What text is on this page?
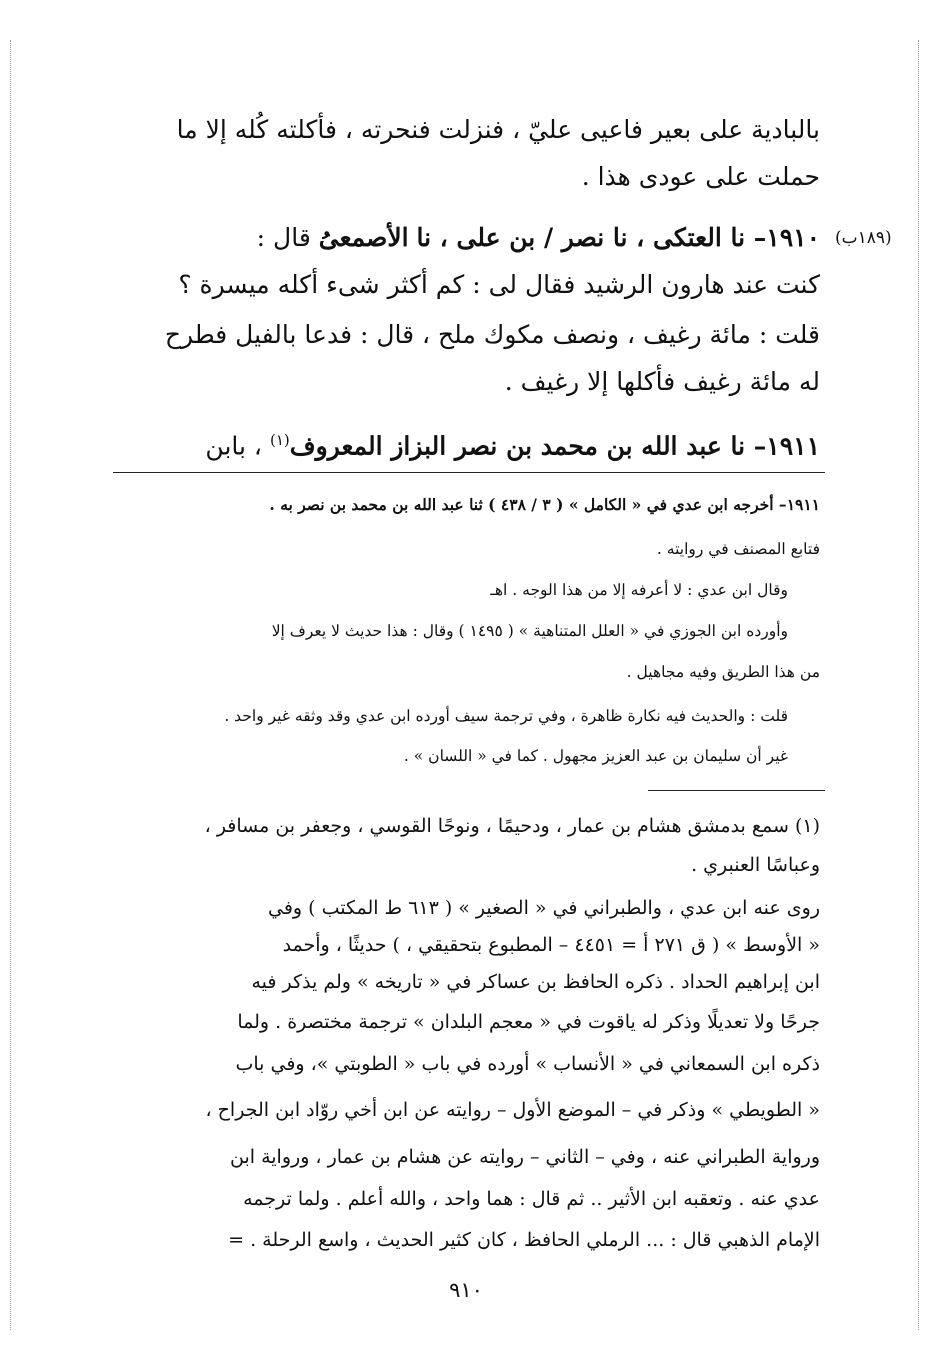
بالبادية على بعير فاعيى عليّ ، فنزلت فنحرته ، فأكلته كُله إلا ما
حملت على عودى هذا .
(١٨٩ب)
١٩١٠– نا العتكى ، نا نصر / بن على ، نا الأصمعىُ قال :
كنت عند هارون الرشيد فقال لى : كم أكثر شىء أكله ميسرة ؟
قلت : مائة رغيف ، ونصف مكوك ملح ، قال : فدعا بالفيل فطرح
له مائة رغيف فأكلها إلا رغيف .
١٩١١– نا عبد الله بن محمد بن نصر البزاز المعروف$^{(١)}$ ، بابن
١٩١١– أخرجه ابن عدي في « الكامل » ( ٣ / ٤٣٨ ) ثنا عبد الله بن محمد بن نصر به .
فتابع المصنف في روايته .
وقال ابن عدي : لا أعرفه إلا من هذا الوجه . اهـ
وأورده ابن الجوزي في « العلل المتناهية » ( ١٤٩٥ ) وقال : هذا حديث لا يعرف إلا
من هذا الطريق وفيه مجاهيل .
قلت : والحديث فيه نكارة ظاهرة ، وفي ترجمة سيف أورده ابن عدي وقد وثقه غير واحد .
غير أن سليمان بن عبد العزيز مجهول . كما في « اللسان » .
(١) سمع بدمشق هشام بن عمار ، ودحيمًا ، ونوحًا القوسي ، وجعفر بن مسافر ،
وعباسًا العنبري .
روى عنه ابن عدي ، والطبراني في « الصغير » ( ٦١٣ ط المكتب ) وفي
« الأوسط » ( ق ٢٧١ أ = ٤٤٥١ – المطبوع بتحقيقي ، ) حديثًا ، وأحمد
ابن إبراهيم الحداد . ذكره الحافظ بن عساكر في « تاريخه » ولم يذكر فيه
جرحًا ولا تعديلًا وذكر له ياقوت في « معجم البلدان » ترجمة مختصرة . ولما
ذكره ابن السمعاني في « الأنساب » أورده في باب « الطوبتي »، وفي باب
« الطويطي » وذكر في – الموضع الأول – روايته عن ابن أخي روّاد ابن الجراح ،
ورواية الطبراني عنه ، وفي – الثاني – روايته عن هشام بن عمار ، ورواية ابن
عدي عنه . وتعقبه ابن الأثير .. ثم قال : هما واحد ، والله أعلم . ولما ترجمه
الإمام الذهبي قال : ... الرملي الحافظ ، كان كثير الحديث ، واسع الرحلة . =
٩١٠
